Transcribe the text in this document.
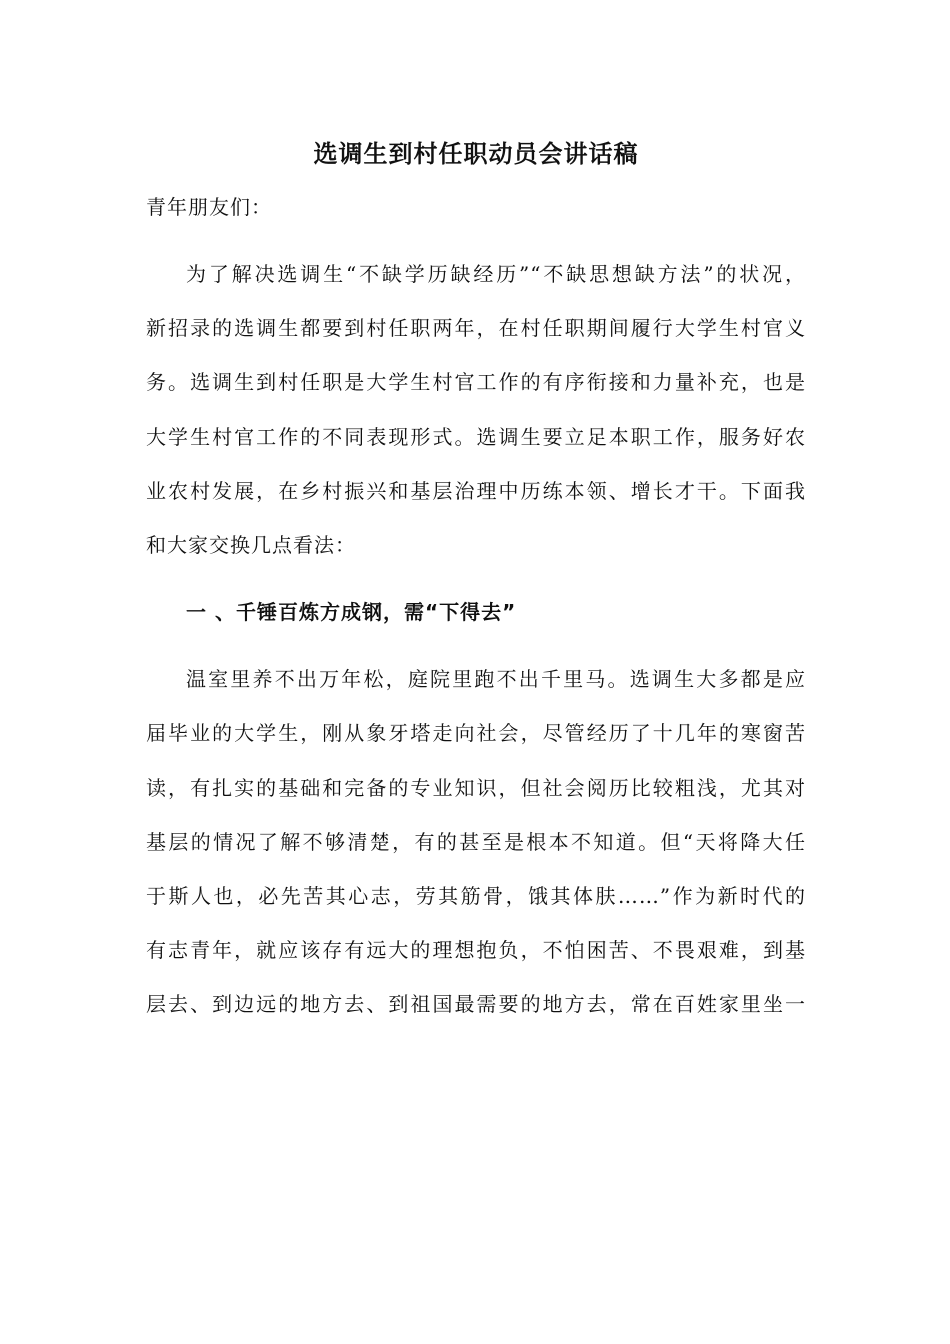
选调生到村任职动员会讲话稿

青年朋友们：

为了解决选调生“不缺学历缺经历”“不缺思想缺方法”的状况，
新招录的选调生都要到村任职两年，在村任职期间履行大学生村官义
务。选调生到村任职是大学生村官工作的有序衔接和力量补充，也是
大学生村官工作的不同表现形式。选调生要立足本职工作，服务好农
业农村发展，在乡村振兴和基层治理中历练本领、增长才干。下面我
和大家交换几点看法：
一 、千锤百炼方成钢，需“下得去”
温室里养不出万年松，庭院里跑不出千里马。选调生大多都是应
届毕业的大学生，刚从象牙塔走向社会，尽管经历了十几年的寒窗苦
读，有扎实的基础和完备的专业知识，但社会阅历比较粗浅，尤其对
基层的情况了解不够清楚，有的甚至是根本不知道。但“天将降大任
于斯人也，必先苦其心志，劳其筋骨，饿其体肤……”作为新时代的
有志青年，就应该存有远大的理想抱负，不怕困苦、不畏艰难，到基
层去、到边远的地方去、到祖国最需要的地方去，常在百姓家里坐一
